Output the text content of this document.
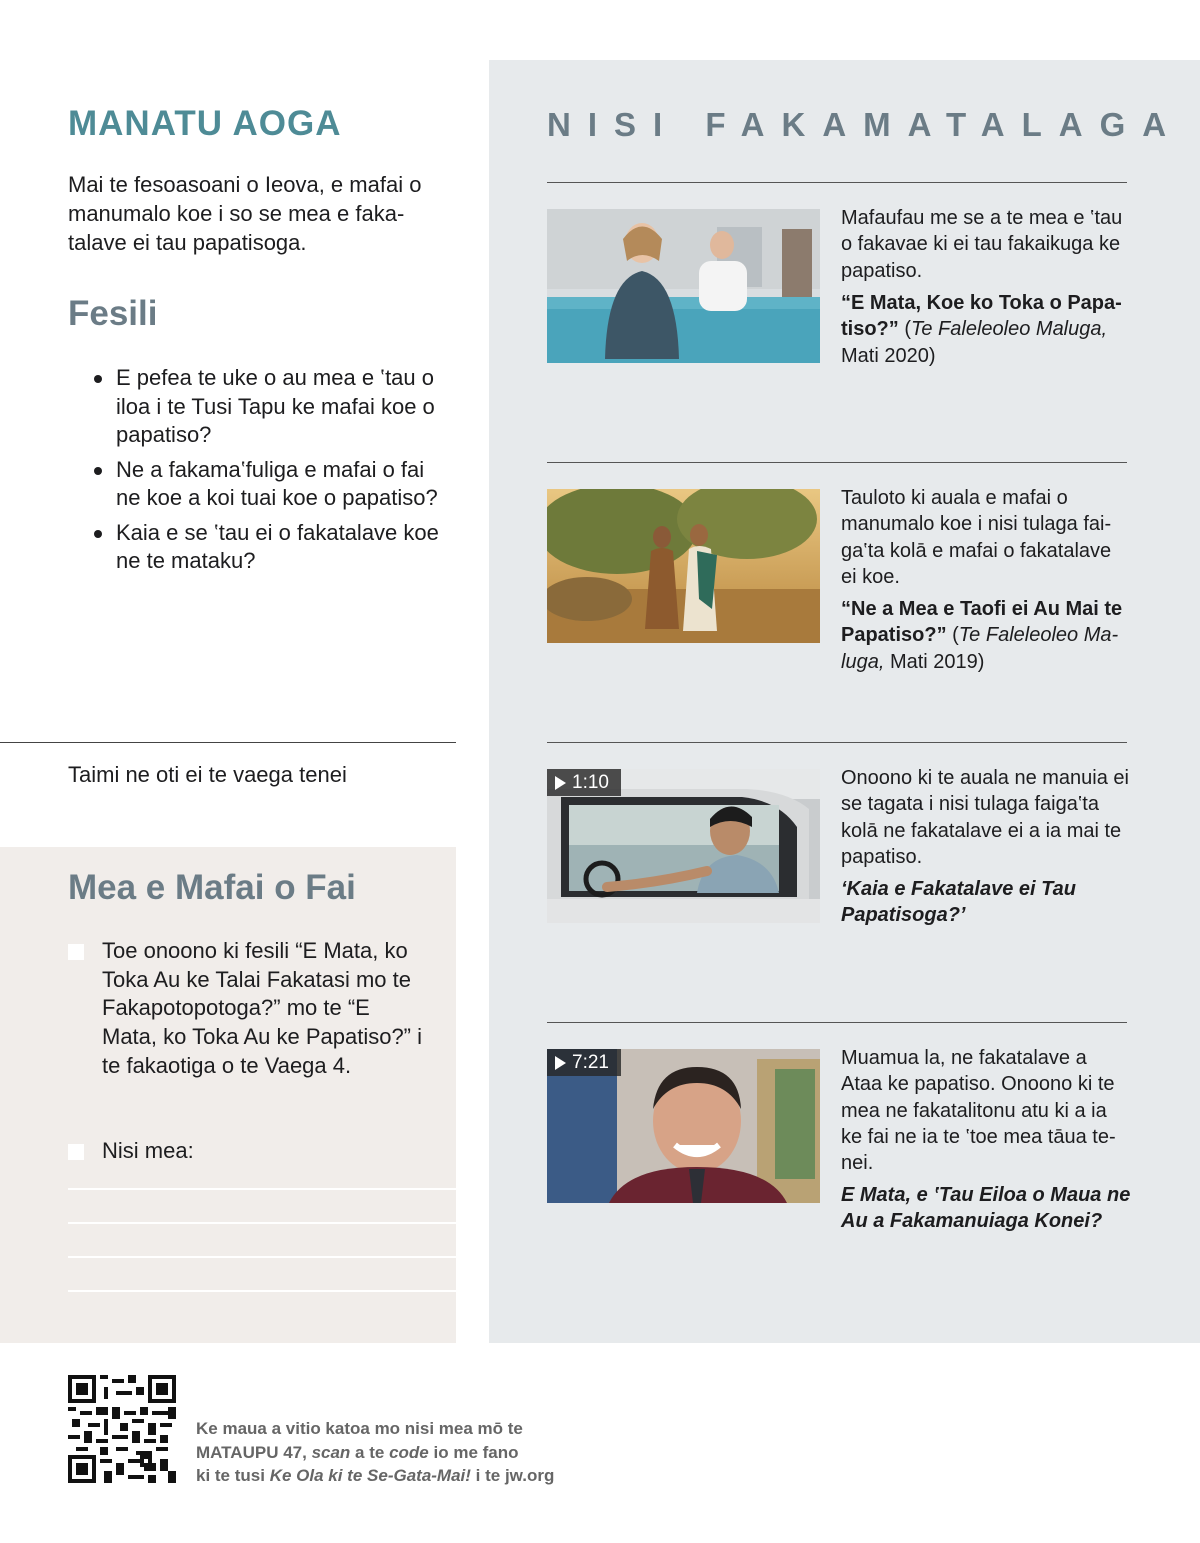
MANATU AOGA

Mai te fesoasoani o Ieova, e mafai o manumalo koe i so se mea e fakatalave ei tau papatisoga.

Fesili
E pefea te uke o au mea e ‛tau o iloa i te Tusi Tapu ke mafai koe o papatiso?
Ne a fakama‛fuliga e mafai o fai ne koe a koi tuai koe o papatiso?
Kaia e se ‛tau ei o fakatalave koe ne te mataku?

Taimi ne oti ei te vaega tenei

Mea e Mafai o Fai
Toe onoono ki fesili “E Mata, ko Toka Au ke Talai Fakatasi mo te Fakapotopotoga?” mo te “E Mata, ko Toka Au ke Papatiso?” i te fakaotiga o te Vaega 4.
Nisi mea:
NISI FAKAMATALAGA

Mafaufau me se a te mea e ‛tau o fakavae ki ei tau fakaikuga ke papatiso.

“E Mata, Koe ko Toka o Papatiso?” (Te Faleleoleo Maluga, Mati 2020)

Tauloto ki auala e mafai o manumalo koe i nisi tulaga faiga‛ta kolā e mafai o fakatalave ei koe.

“Ne a Mea e Taofi ei Au Mai te Papatiso?” (Te Faleleoleo Maluga, Mati 2019)

1:10	Onoono ki te auala ne manuia ei se tagata i nisi tulaga faiga‛ta kolā ne fakatalave ei a ia mai te papatiso.

‘Kaia e Fakatalave ei Tau Papatisoga?’

7:21	Muamua la, ne fakatalave a Ataa ke papatiso. Onoono ki te mea ne fakatalitonu atu ki a ia ke fai ne ia te ‛toe mea tāua tenei.

E Mata, e ‛Tau Eiloa o Maua ne Au a Fakamanuiaga Konei?

Ke maua a vitio katoa mo nisi mea mō te
MATAUPU 47, scan a te code io me fano
ki te tusi Ke Ola ki te Se-Gata-Mai! i te jw.org
